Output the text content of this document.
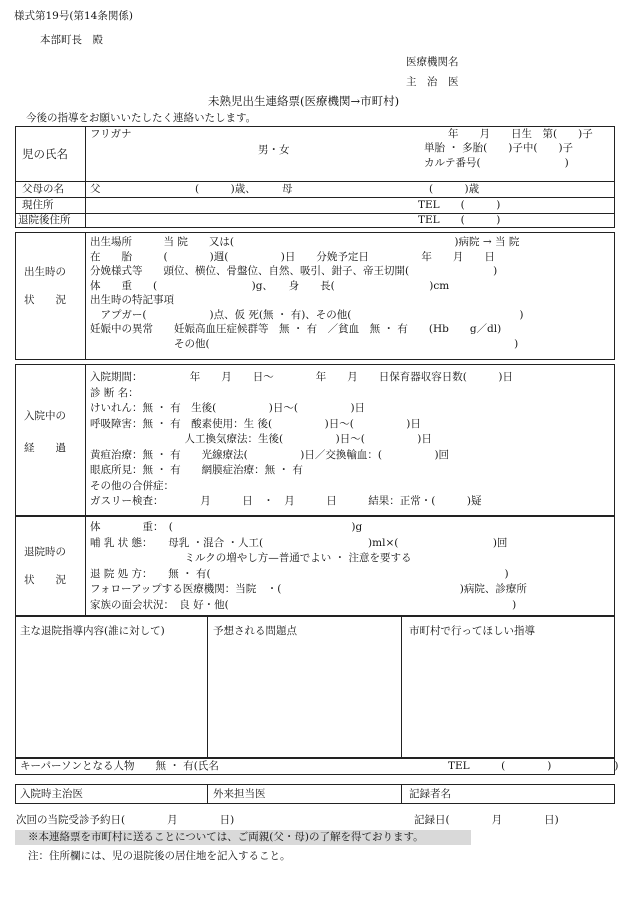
様式第19号(第14条関係)
本部町長　殿
医療機関名
主　治　医
未熟児出生連絡票(医療機関→市町村)
今後の指導をお願いいたしたく連絡いたします。
児の氏名
フリガナ
男・女
年　　月　　日生　第(　　)子
単胎 ・ 多胎(　　)子中(　　)子
カルテ番号(　　　　　　　　)
父母の名 父　　　　　　　　　(　　　)歳、　　　母　　　　　　　　　　　　　(　　　)歳
現住所	TEL　　(　　　)
退院後住所	TEL　　(　　　)
出生時の
状　　況
出生場所　　　当 院　　又は(　　　　　　　　　　　　　　　　　　　　　)病院 → 当 院
在　　胎　　　(　　　　)週(　　　　　)日　　分娩予定日　　　　　年　　月　　日
分娩様式等　　頭位、横位、骨盤位、自然、吸引、鉗子、帝王切開(　　　　　　　　)
体　　重　　(　　　　　　　　　)g、　　身　　長(　　　　　　　　　)cm
出生時の特記事項
　アプガー(　　　　　　)点、仮 死(無 ・ 有)、その他(　　　　　　　　　　　　　　　　)
妊娠中の異常　　妊娠高血圧症候群等　無 ・ 有　／貧血　無 ・ 有　　(Hb　　g／dl)
　　　　　　　　その他(　　　　　　　　　　　　　　　　　　　　　　　　　　　　　)
入院中の
経　　過
入院期間：　　　　　年　　月　　日～　　　　年　　月　　日保育器収容日数(　　　)日
診 断 名：
けいれん：無 ・ 有　生後(　　　　　)日～(　　　　　)日
呼吸障害：無 ・ 有　酸素使用：生 後(　　　　　)日～(　　　　　)日
　　　　　　　　　人工換気療法：生後(　　　　　)日～(　　　　　)日
黄疸治療：無 ・ 有　　光線療法(　　　　　)日／交換輸血：(　　　　　)回
眼底所見：無 ・ 有　　網膜症治療：無 ・ 有
その他の合併症：
ガスリー検査：　　　　月　　　日　・　月　　　日　　　結果：正常・(　　　)疑
退院時の
状　　況
体　　　　重：　(　　　　　　　　　　　　　　　　　)g
哺 乳 状 態：　　母乳 ・混合 ・人工(　　　　　　　　　　)ml×(　　　　　　　　　)回
　　　　　　　　　ミルクの増やし方—普通でよい ・ 注意を要する
退 院 処 方：　　無 ・ 有(　　　　　　　　　　　　　　　　　　　　　　　　　　　　)
フォローアップする医療機関：当院　・(　　　　　　　　　　　　　　　　　)病院、診療所
家族の面会状況：　良 好・他(　　　　　　　　　　　　　　　　　　　　　　　　　　　)
主な退院指導内容(誰に対して)	予想される問題点	市町村で行ってほしい指導
キーパーソンとなる人物　　無 ・ 有(氏名	TEL　　　(　　　　)　　　　　　)
入院時主治医	外来担当医	記録者名
次回の当院受診予約日(　　　　月　　　　日)	記録日(　　　　月　　　　日)
※本連絡票を市町村に送ることについては、ご両親(父・母)の了解を得ております。
注：住所欄には、児の退院後の居住地を記入すること。
